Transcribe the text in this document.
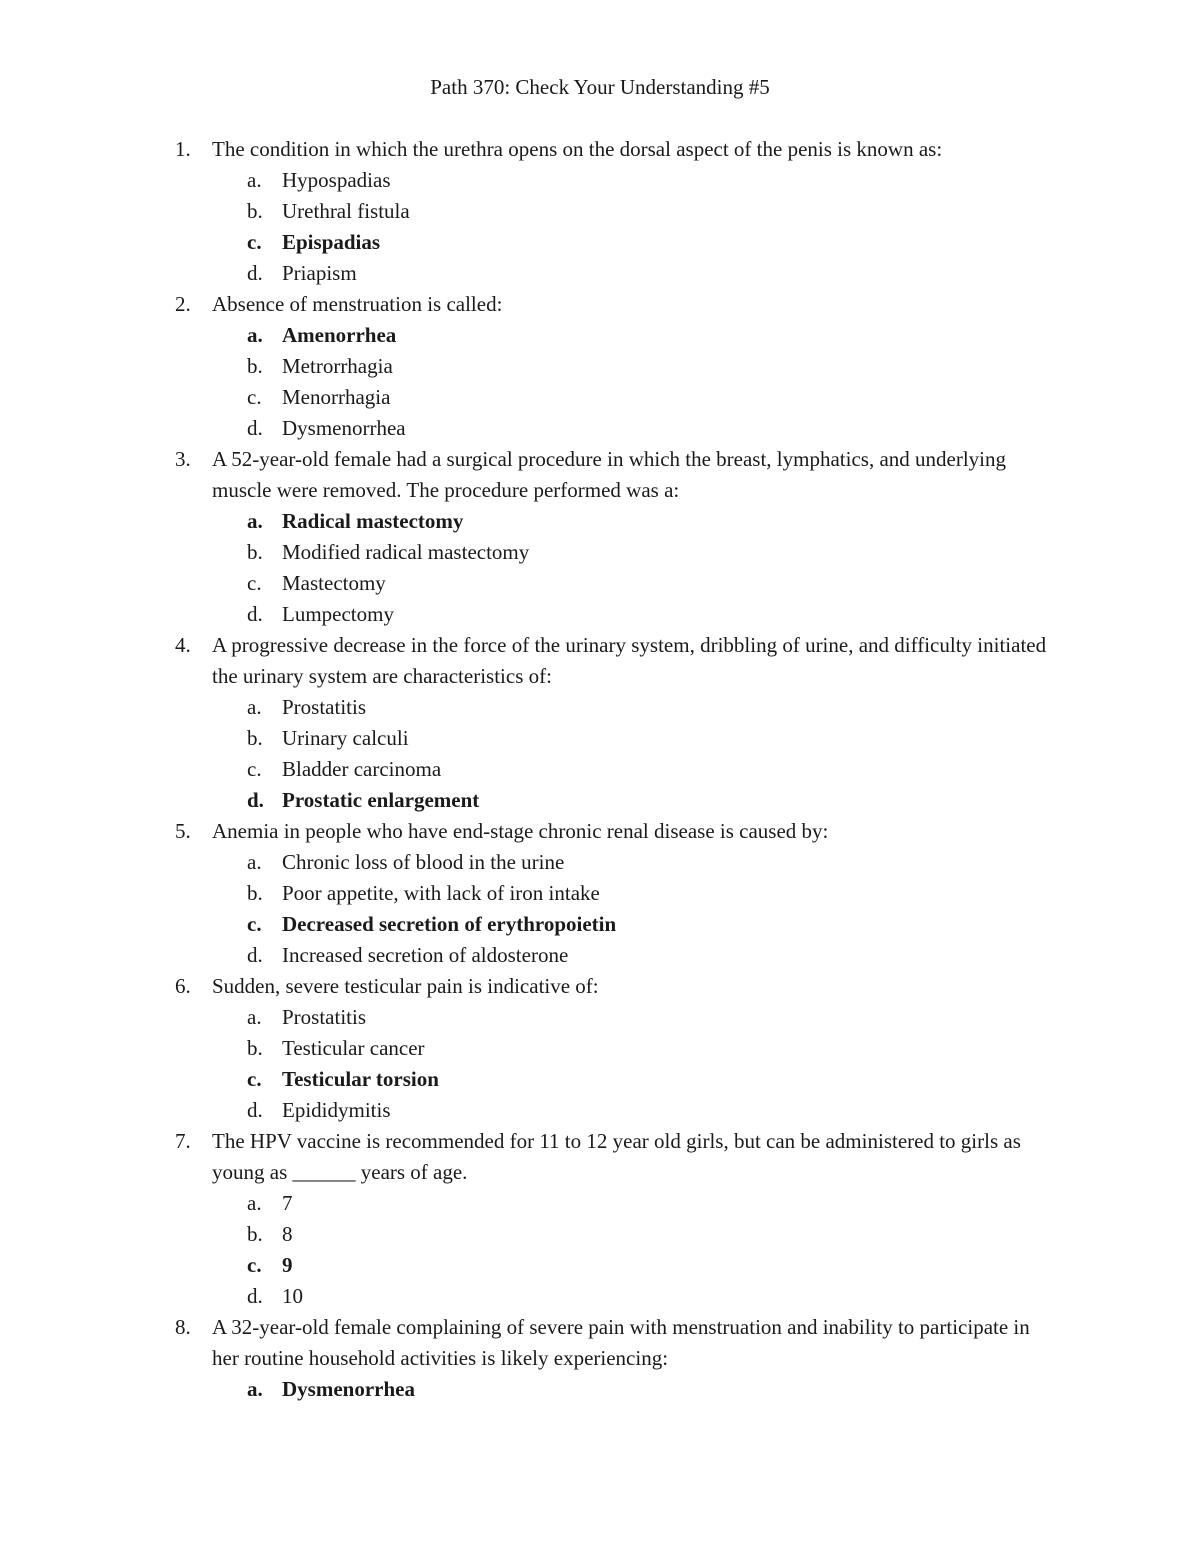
Path 370: Check Your Understanding #5
1. The condition in which the urethra opens on the dorsal aspect of the penis is known as:
a. Hypospadias
b. Urethral fistula
c. Epispadias
d. Priapism
2. Absence of menstruation is called:
a. Amenorrhea
b. Metrorrhagia
c. Menorrhagia
d. Dysmenorrhea
3. A 52-year-old female had a surgical procedure in which the breast, lymphatics, and underlying muscle were removed. The procedure performed was a:
a. Radical mastectomy
b. Modified radical mastectomy
c. Mastectomy
d. Lumpectomy
4. A progressive decrease in the force of the urinary system, dribbling of urine, and difficulty initiated the urinary system are characteristics of:
a. Prostatitis
b. Urinary calculi
c. Bladder carcinoma
d. Prostatic enlargement
5. Anemia in people who have end-stage chronic renal disease is caused by:
a. Chronic loss of blood in the urine
b. Poor appetite, with lack of iron intake
c. Decreased secretion of erythropoietin
d. Increased secretion of aldosterone
6. Sudden, severe testicular pain is indicative of:
a. Prostatitis
b. Testicular cancer
c. Testicular torsion
d. Epididymitis
7. The HPV vaccine is recommended for 11 to 12 year old girls, but can be administered to girls as young as ______ years of age.
a. 7
b. 8
c. 9
d. 10
8. A 32-year-old female complaining of severe pain with menstruation and inability to participate in her routine household activities is likely experiencing:
a. Dysmenorrhea
